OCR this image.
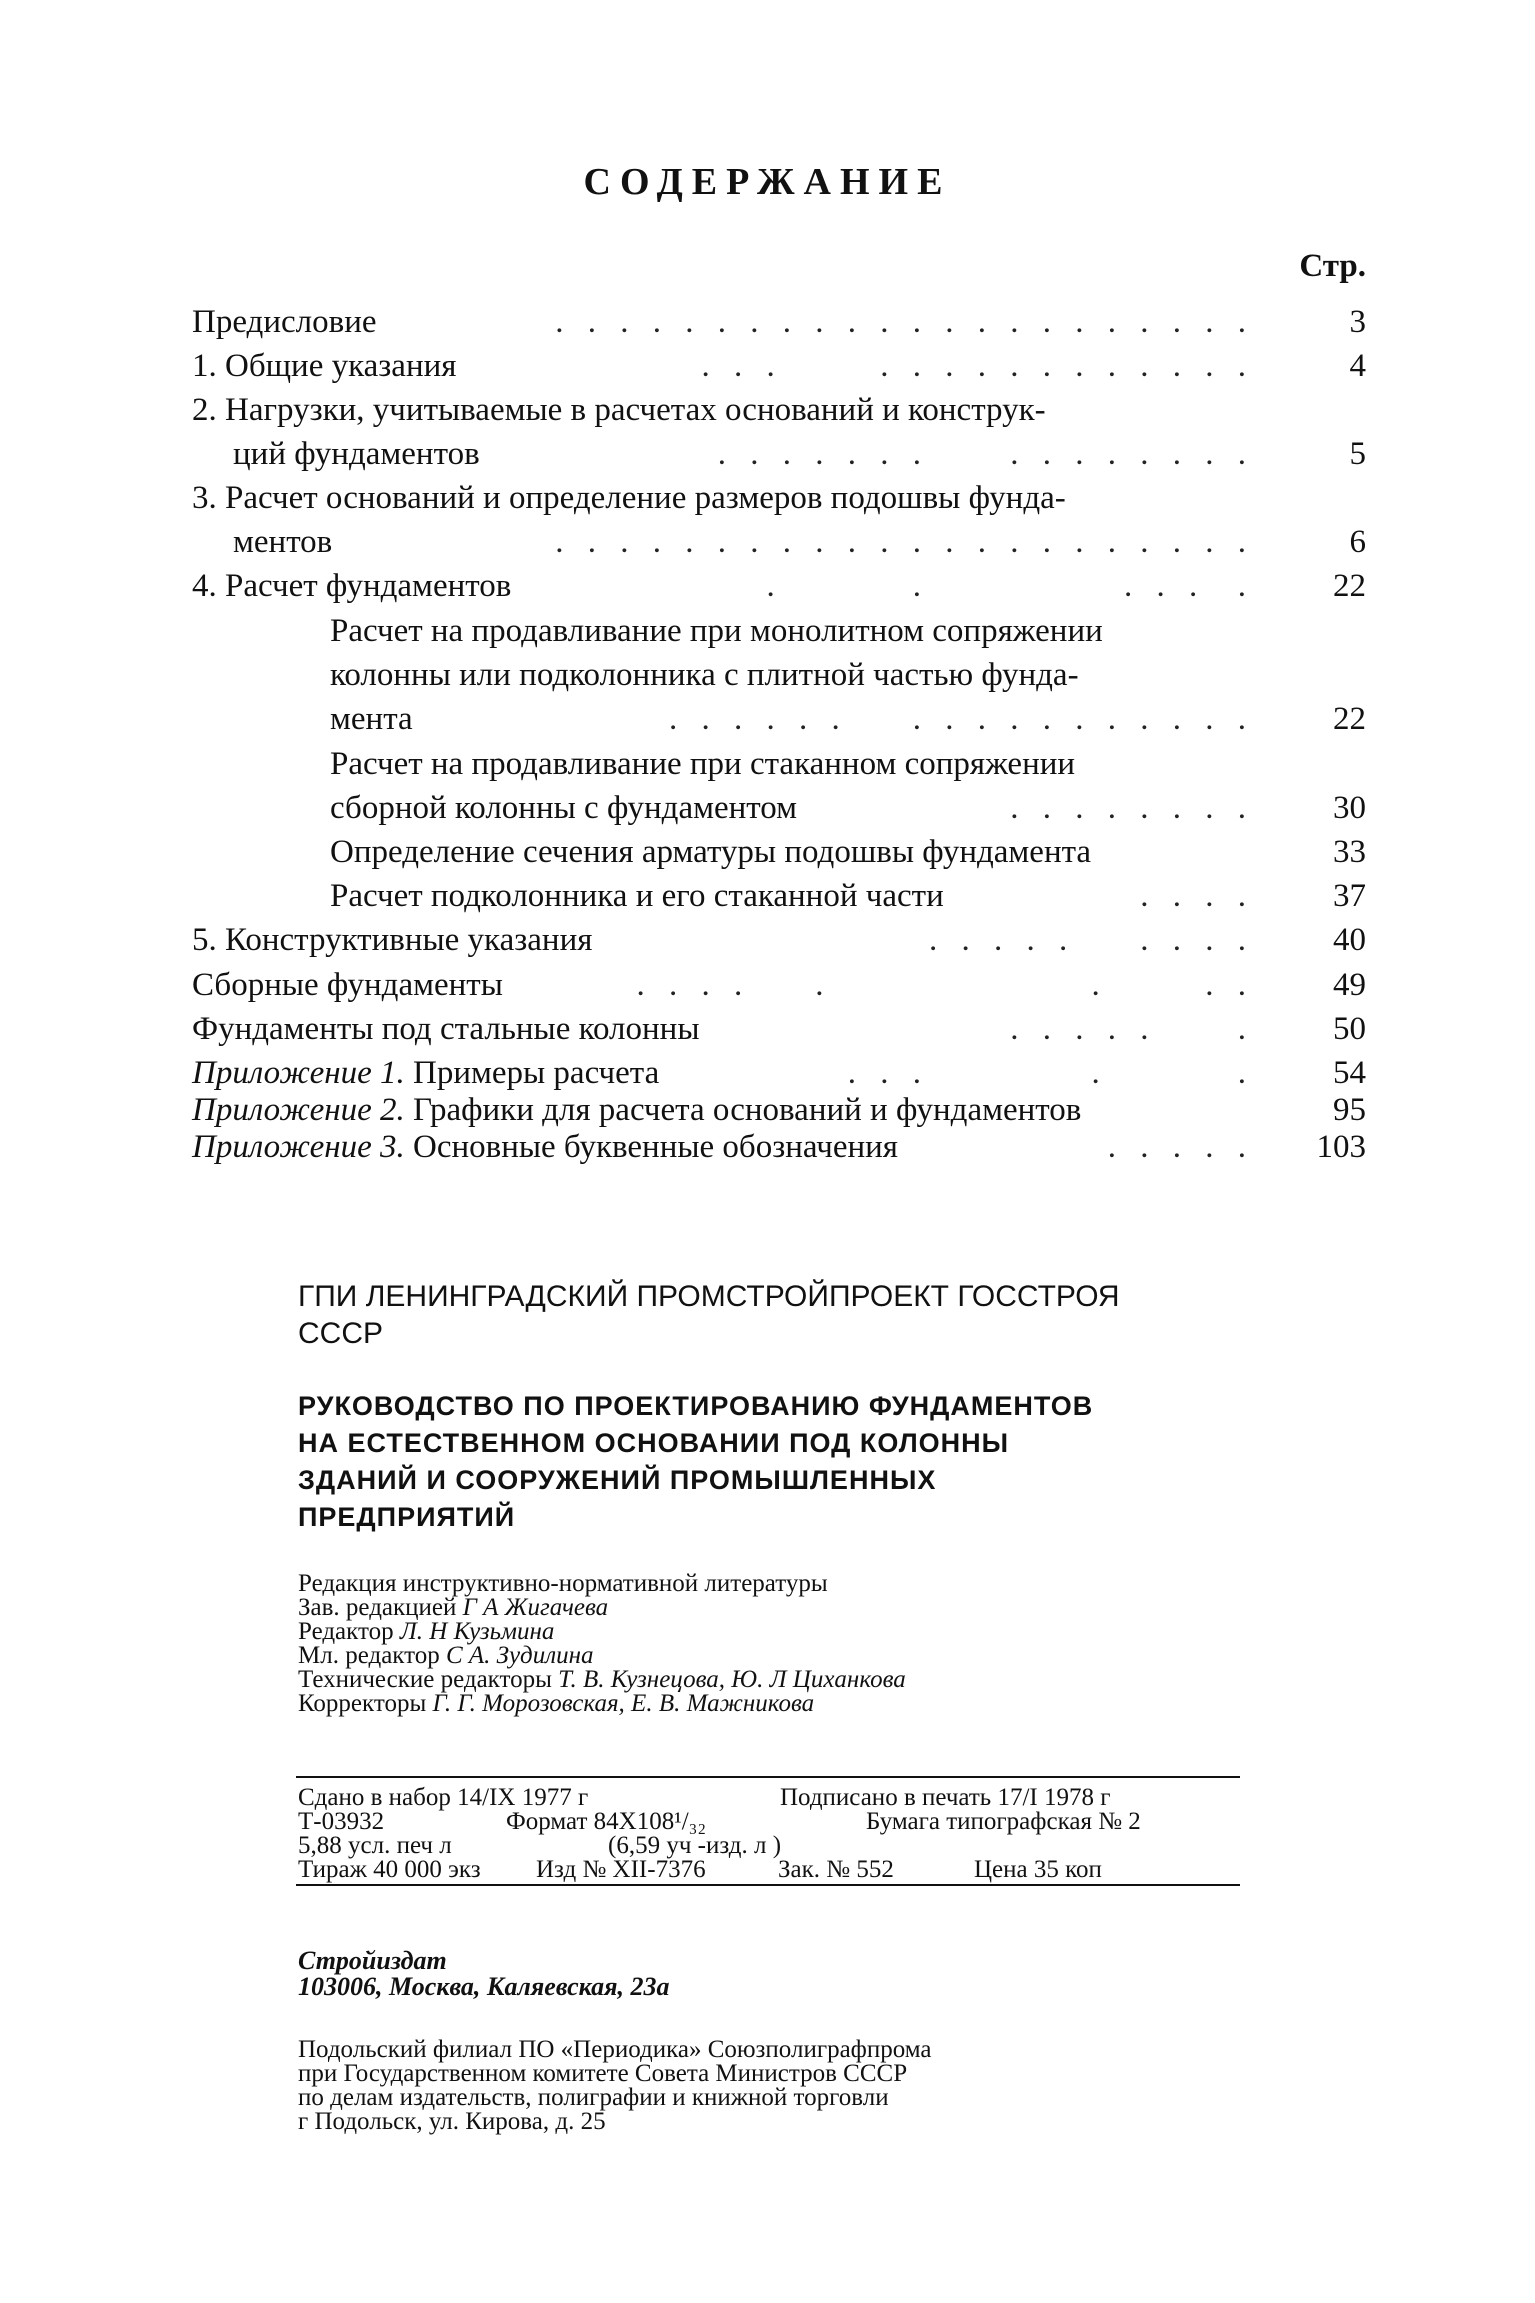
СОДЕРЖАНИЕ
Стр.
Предисловие	. . . . . . . . . . . . . . . . . . . . . .	3
1. Общие указания	. . .      . . . . . . . . . . . .	4
2. Нагрузки, учитываемые в расчетах оснований и конструк-
ций фундаментов	. . . . . . .     . . . . . . . .	5
3. Расчет оснований и определение размеров подошвы фунда-
ментов	. . . . . . . . . . . . . . . . . . . . . .	6
4. Расчет фундаментов	.        .            . . .  .	22
Расчет на продавливание при монолитном сопряжении
колонны или подколонника с плитной частью фунда-
мента	. . . . . .    . . . . . . . . . . .	22
Расчет на продавливание при стаканном сопряжении
сборной колонны с фундаментом	. . . . . . . .	30
Определение сечения арматуры подошвы фундамента	33
Расчет подколонника и его стаканной части	. . . .	37
5. Конструктивные указания	. . . . .    . . . .	40
Сборные фундаменты	. . . .    .                .      . .	49
Фундаменты под стальные колонны	. . . . .     .	50
Приложение 1. Примеры расчета	. . .          .        .	54
Приложение 2. Графики для расчета оснований и фундаментов	95
Приложение 3. Основные буквенные обозначения	. . . . .	103
ГПИ ЛЕНИНГРАДСКИЙ ПРОМСТРОЙПРОЕКТ ГОССТРОЯ
СССР
РУКОВОДСТВО ПО ПРОЕКТИРОВАНИЮ ФУНДАМЕНТОВ
НА ЕСТЕСТВЕННОМ ОСНОВАНИИ ПОД КОЛОННЫ
ЗДАНИЙ И СООРУЖЕНИЙ ПРОМЫШЛЕННЫХ
ПРЕДПРИЯТИЙ
Редакция инструктивно-нормативной литературы
Зав. редакцией Г А Жигачева
Редактор Л. Н Кузьмина
Мл. редактор С А. Зудилина
Технические редакторы Т. В. Кузнецова, Ю. Л Цихaнкова
Корректоры Г. Г. Морозовская, Е. В. Мажникова
Сдано в набор 14/IX 1977 г	Подписано в печать 17/I 1978 г
Т-03932	Формат 84X108¹/₃₂	Бумага типографская № 2
5,88 усл. печ л	(6,59 уч -изд. л )
Тираж 40 000 экз Изд № XII-7376	Зак. № 552	Цена 35 коп
Стройиздат
103006, Москва, Каляевская, 23а
Подольский филиал ПО «Периодика» Союзполиграфпрома
при Государственном комитете Совета Министров СССР
по делам издательств, полиграфии и книжной торговли
г Подольск, ул. Кирова, д. 25
